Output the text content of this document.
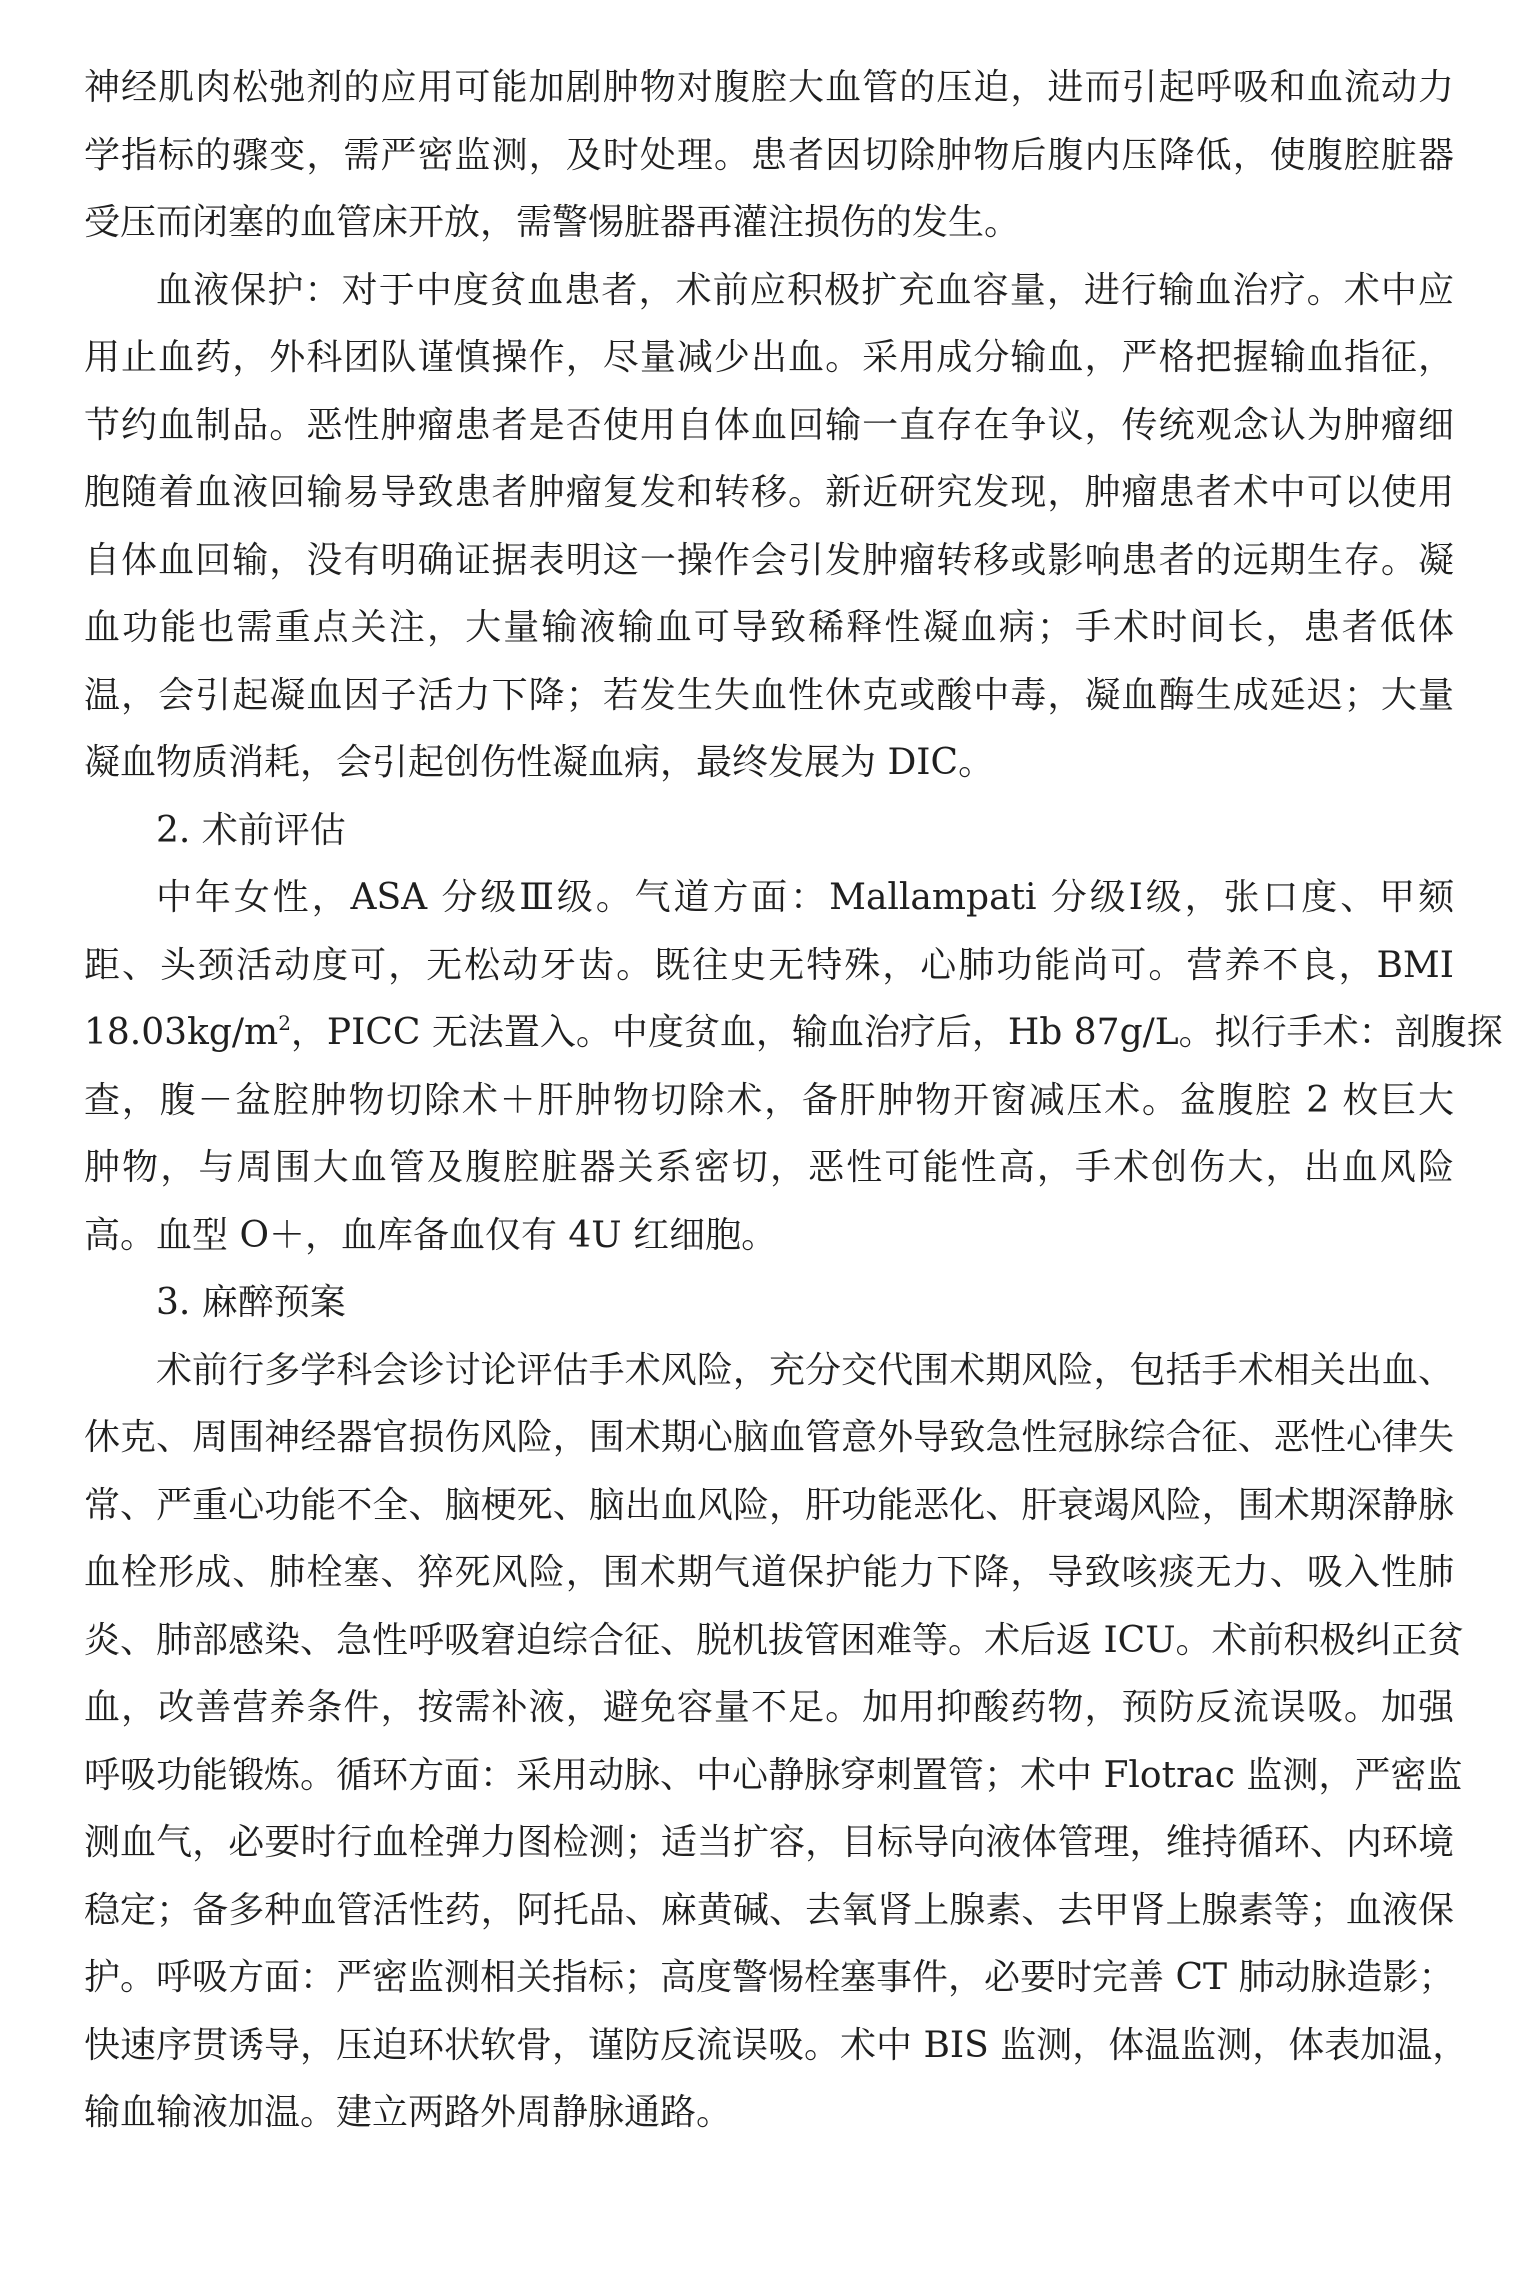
神经肌肉松弛剂的应用可能加剧肿物对腹腔大血管的压迫，进而引起呼吸和血流动力
学指标的骤变，需严密监测，及时处理。患者因切除肿物后腹内压降低，使腹腔脏器
受压而闭塞的血管床开放，需警惕脏器再灌注损伤的发生。
血液保护：对于中度贫血患者，术前应积极扩充血容量，进行输血治疗。术中应
用止血药，外科团队谨慎操作，尽量减少出血。采用成分输血，严格把握输血指征，
节约血制品。恶性肿瘤患者是否使用自体血回输一直存在争议，传统观念认为肿瘤细
胞随着血液回输易导致患者肿瘤复发和转移。新近研究发现，肿瘤患者术中可以使用
自体血回输，没有明确证据表明这一操作会引发肿瘤转移或影响患者的远期生存。凝
血功能也需重点关注，大量输液输血可导致稀释性凝血病；手术时间长，患者低体
温，会引起凝血因子活力下降；若发生失血性休克或酸中毒，凝血酶生成延迟；大量
凝血物质消耗，会引起创伤性凝血病，最终发展为 DIC。
2. 术前评估
中年女性，ASA 分级Ⅲ级。气道方面：Mallampati 分级Ⅰ级，张口度、甲颏
距、头颈活动度可，无松动牙齿。既往史无特殊，心肺功能尚可。营养不良，BMI
$18.03kg/m^2$，PICC 无法置入。中度贫血，输血治疗后，Hb 87g/L。拟行手术：剖腹探
查，腹－盆腔肿物切除术＋肝肿物切除术，备肝肿物开窗减压术。盆腹腔 2 枚巨大
肿物，与周围大血管及腹腔脏器关系密切，恶性可能性高，手术创伤大，出血风险
高。血型 O＋，血库备血仅有 4U 红细胞。
3. 麻醉预案
术前行多学科会诊讨论评估手术风险，充分交代围术期风险，包括手术相关出血、
休克、周围神经器官损伤风险，围术期心脑血管意外导致急性冠脉综合征、恶性心律失
常、严重心功能不全、脑梗死、脑出血风险，肝功能恶化、肝衰竭风险，围术期深静脉
血栓形成、肺栓塞、猝死风险，围术期气道保护能力下降，导致咳痰无力、吸入性肺
炎、肺部感染、急性呼吸窘迫综合征、脱机拔管困难等。术后返 ICU。术前积极纠正贫
血，改善营养条件，按需补液，避免容量不足。加用抑酸药物，预防反流误吸。加强
呼吸功能锻炼。循环方面：采用动脉、中心静脉穿刺置管；术中 Flotrac 监测，严密监
测血气，必要时行血栓弹力图检测；适当扩容，目标导向液体管理，维持循环、内环境
稳定；备多种血管活性药，阿托品、麻黄碱、去氧肾上腺素、去甲肾上腺素等；血液保
护。呼吸方面：严密监测相关指标；高度警惕栓塞事件，必要时完善 CT 肺动脉造影；
快速序贯诱导，压迫环状软骨，谨防反流误吸。术中 BIS 监测，体温监测，体表加温，
输血输液加温。建立两路外周静脉通路。
